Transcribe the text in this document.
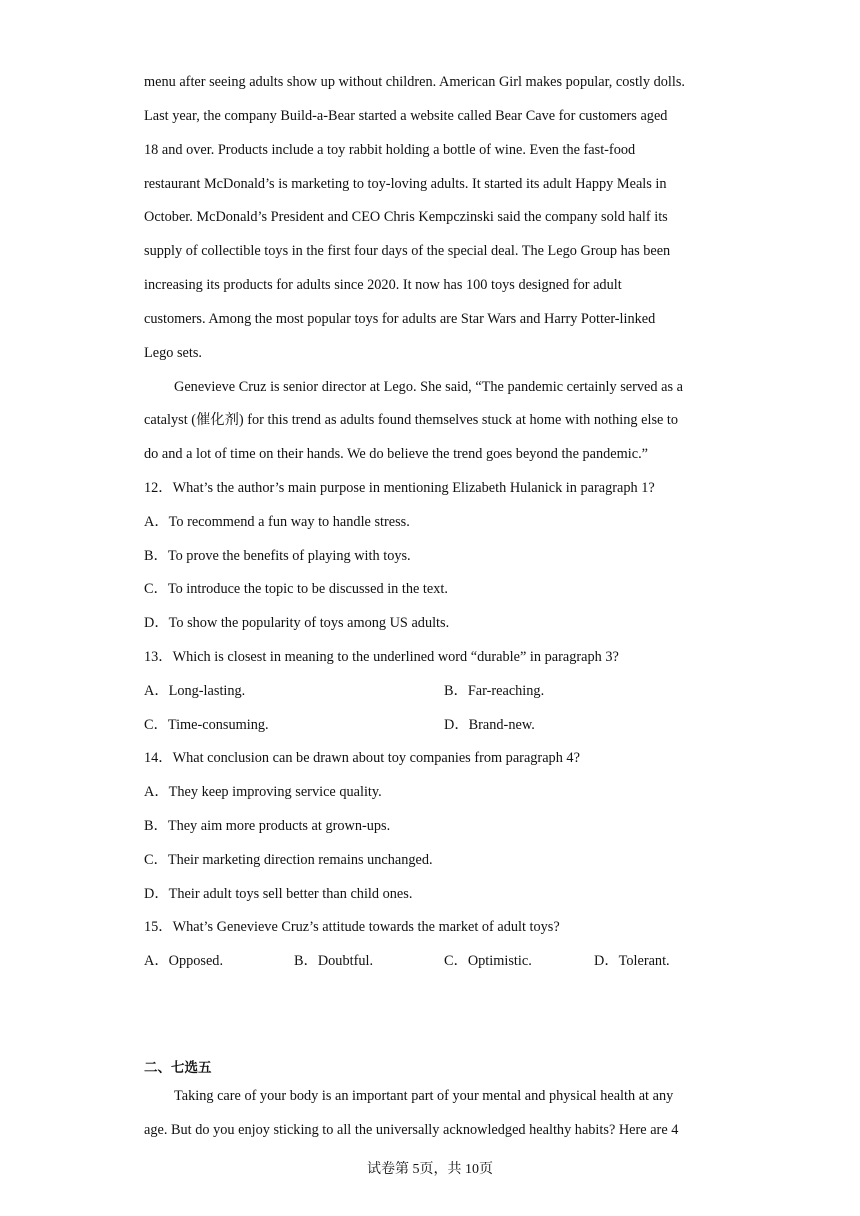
menu after seeing adults show up without children. American Girl makes popular, costly dolls.
Last year, the company Build-a-Bear started a website called Bear Cave for customers aged
18 and over. Products include a toy rabbit holding a bottle of wine. Even the fast-food
restaurant McDonald’s is marketing to toy-loving adults. It started its adult Happy Meals in
October. McDonald’s President and CEO Chris Kempczinski said the company sold half its
supply of collectible toys in the first four days of the special deal. The Lego Group has been
increasing its products for adults since 2020. It now has 100 toys designed for adult
customers. Among the most popular toys for adults are Star Wars and Harry Potter-linked
Lego sets.
Genevieve Cruz is senior director at Lego. She said, “The pandemic certainly served as a
catalyst (催化剂) for this trend as adults found themselves stuck at home with nothing else to
do and a lot of time on their hands. We do believe the trend goes beyond the pandemic.”
12．What’s the author’s main purpose in mentioning Elizabeth Hulanick in paragraph 1?
A．To recommend a fun way to handle stress.
B．To prove the benefits of playing with toys.
C．To introduce the topic to be discussed in the text.
D．To show the popularity of toys among US adults.
13．Which is closest in meaning to the underlined word “durable” in paragraph 3?
A．Long-lasting.	B．Far-reaching.
C．Time-consuming.	D．Brand-new.
14．What conclusion can be drawn about toy companies from paragraph 4?
A．They keep improving service quality.
B．They aim more products at grown-ups.
C．Their marketing direction remains unchanged.
D．Their adult toys sell better than child ones.
15．What’s Genevieve Cruz’s attitude towards the market of adult toys?
A．Opposed.	B．Doubtful.	C．Optimistic.	D．Tolerant.
二、七选五
Taking care of your body is an important part of your mental and physical health at any
age. But do you enjoy sticking to all the universally acknowledged healthy habits? Here are 4
试卷第 5页，共 10页
